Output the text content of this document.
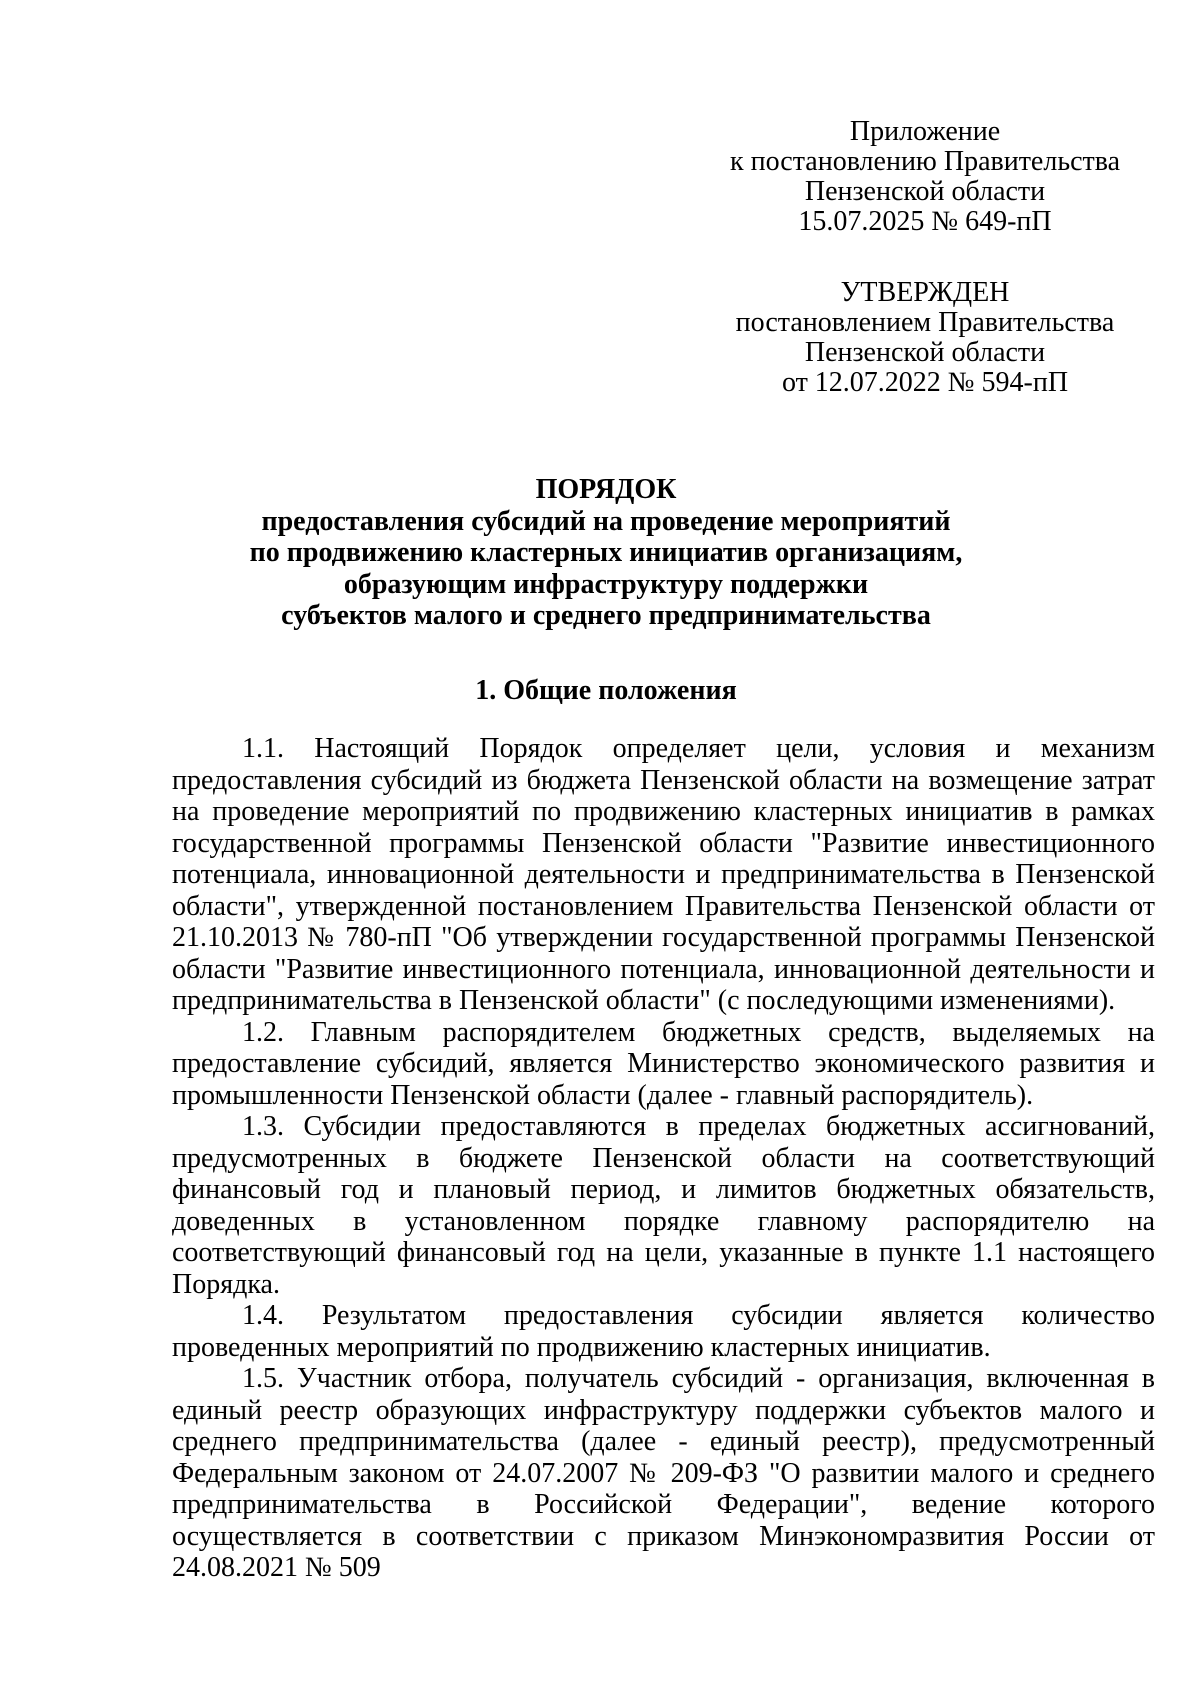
Приложение
к постановлению Правительства
Пензенской области
15.07.2025 № 649-пП
УТВЕРЖДЕН
постановлением Правительства
Пензенской области
от 12.07.2022 № 594-пП
ПОРЯДОК
предоставления субсидий на проведение мероприятий
по продвижению кластерных инициатив организациям,
образующим инфраструктуру поддержки
субъектов малого и среднего предпринимательства
1. Общие положения

1.1. Настоящий Порядок определяет цели, условия и механизм предоставления субсидий из бюджета Пензенской области на возмещение затрат на проведение мероприятий по продвижению кластерных инициатив в рамках государственной программы Пензенской области "Развитие инвестиционного потенциала, инновационной деятельности и предпринимательства в Пензенской области", утвержденной постановлением Правительства Пензенской области от 21.10.2013 № 780-пП "Об утверждении государственной программы Пензенской области "Развитие инвестиционного потенциала, инновационной деятельности и предпринимательства в Пензенской области" (с последующими изменениями).

1.2. Главным распорядителем бюджетных средств, выделяемых на предоставление субсидий, является Министерство экономического развития и промышленности Пензенской области (далее - главный распорядитель).

1.3. Субсидии предоставляются в пределах бюджетных ассигнований, предусмотренных в бюджете Пензенской области на соответствующий финансовый год и плановый период, и лимитов бюджетных обязательств, доведенных в установленном порядке главному распорядителю на соответствующий финансовый год на цели, указанные в пункте 1.1 настоящего Порядка.

1.4. Результатом предоставления субсидии является количество проведенных мероприятий по продвижению кластерных инициатив.

1.5. Участник отбора, получатель субсидий - организация, включенная в единый реестр образующих инфраструктуру поддержки субъектов малого и среднего предпринимательства (далее - единый реестр), предусмотренный Федеральным законом от 24.07.2007 № 209-ФЗ "О развитии малого и среднего предпринимательства в Российской Федерации", ведение которого осуществляется в соответствии с приказом Минэкономразвития России от 24.08.2021 № 509
